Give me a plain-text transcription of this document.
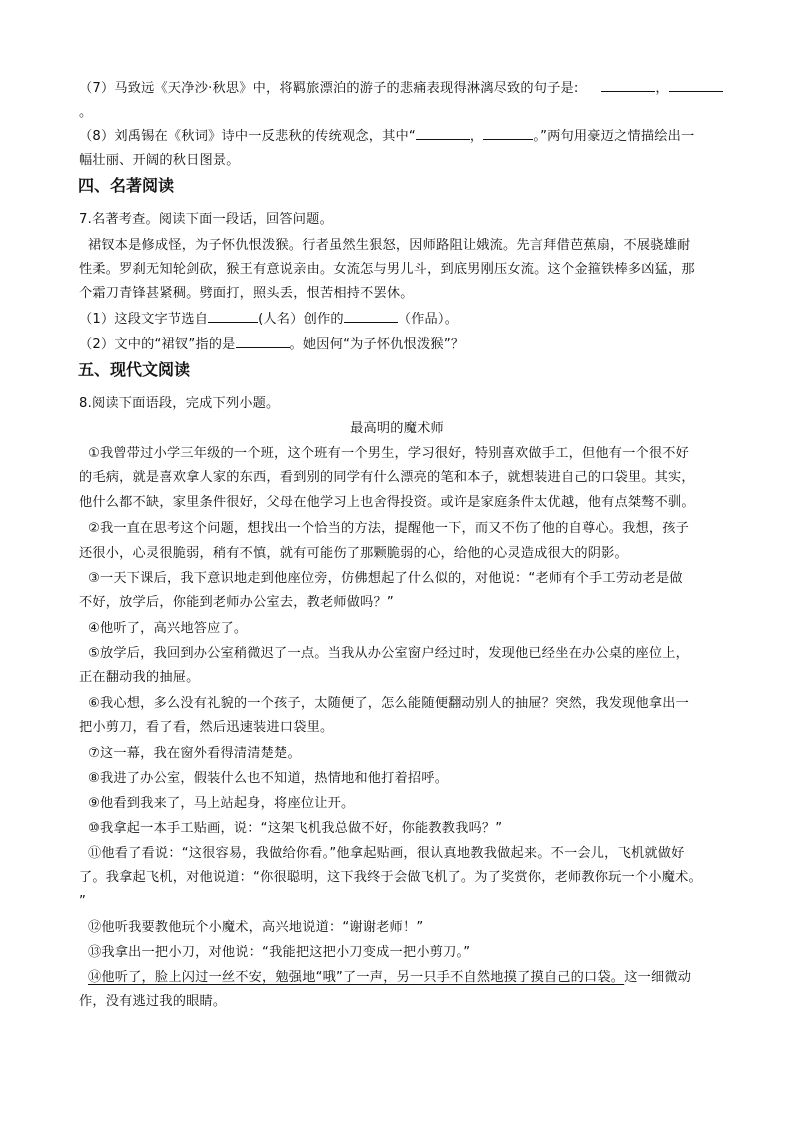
（7）马致远《天净沙·秋思》中，将羁旅漂泊的游子的悲痛表现得淋漓尽致的句子是:	，
。
（8）刘禹锡在《秋词》诗中一反悲秋的传统观念，其中“	，	。”两句用豪迈之情描绘出一
幅壮丽、开阔的秋日图景。
四、名著阅读
7.名著考查。阅读下面一段话，回答问题。
裙钗本是修成怪，为子怀仇恨泼猴。行者虽然生狠怒，因师路阻让娥流。先言拜借芭蕉扇，不展骁雄耐
性柔。罗刹无知轮剑砍，猴王有意说亲由。女流怎与男儿斗，到底男刚压女流。这个金箍铁棒多凶猛，那
个霜刀青锋甚紧稠。劈面打，照头丢，恨苦相持不罢休。
（1）这段文字节选自	(人名）创作的	（作品）。
（2）文中的“裙钗”指的是	。她因何“为子怀仇恨泼猴”？
五、现代文阅读
8.阅读下面语段，完成下列小题。
最高明的魔术师
①我曾带过小学三年级的一个班，这个班有一个男生，学习很好，特别喜欢做手工，但他有一个很不好
的毛病，就是喜欢拿人家的东西，看到别的同学有什么漂亮的笔和本子，就想装进自己的口袋里。其实，
他什么都不缺，家里条件很好，父母在他学习上也舍得投资。或许是家庭条件太优越，他有点桀骜不驯。
②我一直在思考这个问题，想找出一个恰当的方法，提醒他一下，而又不伤了他的自尊心。我想，孩子
还很小，心灵很脆弱，稍有不慎，就有可能伤了那颗脆弱的心，给他的心灵造成很大的阴影。
③一天下课后，我下意识地走到他座位旁，仿佛想起了什么似的，对他说：“老师有个手工劳动老是做
不好，放学后，你能到老师办公室去，教老师做吗？”
④他听了，高兴地答应了。
⑤放学后，我回到办公室稍微迟了一点。当我从办公室窗户经过时，发现他已经坐在办公桌的座位上，
正在翻动我的抽屉。
⑥我心想，多么没有礼貌的一个孩子，太随便了，怎么能随便翻动别人的抽屉？突然，我发现他拿出一
把小剪刀，看了看，然后迅速装进口袋里。
⑦这一幕，我在窗外看得清清楚楚。
⑧我进了办公室，假装什么也不知道，热情地和他打着招呼。
⑨他看到我来了，马上站起身，将座位让开。
⑩我拿起一本手工贴画，说：“这架飞机我总做不好，你能教教我吗？”
⑪他看了看说：“这很容易，我做给你看。”他拿起贴画，很认真地教我做起来。不一会儿，飞机就做好
了。我拿起飞机，对他说道：“你很聪明，这下我终于会做飞机了。为了奖赏你，老师教你玩一个小魔术。
”
⑫他听我要教他玩个小魔术，高兴地说道：“谢谢老师！”
⑬我拿出一把小刀，对他说：“我能把这把小刀变成一把小剪刀。”
⑭他听了，脸上闪过一丝不安，勉强地“哦”了一声，另一只手不自然地摸了摸自己的口袋。这一细微动
作，没有逃过我的眼睛。
